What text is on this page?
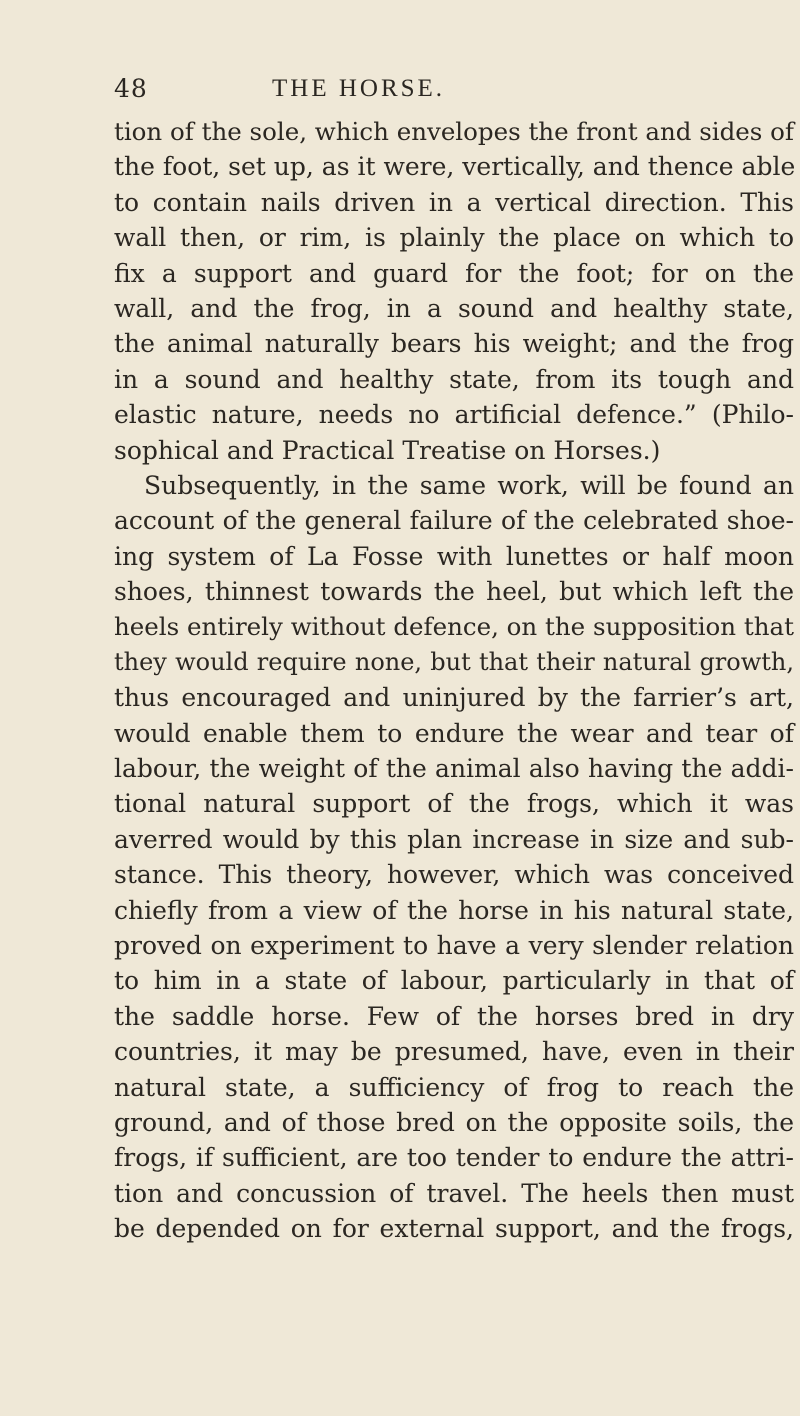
48	THE HORSE.
tion of the sole, which envelopes the front and sides of
the foot, set up, as it were, vertically, and thence able
to contain nails driven in a vertical direction. This
wall then, or rim, is plainly the place on which to
fix a support and guard for the foot; for on the
wall, and the frog, in a sound and healthy state,
the animal naturally bears his weight; and the frog
in a sound and healthy state, from its tough and
elastic nature, needs no artificial defence.” (Philo-
sophical and Practical Treatise on Horses.)
Subsequently, in the same work, will be found an
account of the general failure of the celebrated shoe-
ing system of La Fosse with lunettes or half moon
shoes, thinnest towards the heel, but which left the
heels entirely without defence, on the supposition that
they would require none, but that their natural growth,
thus encouraged and uninjured by the farrier’s art,
would enable them to endure the wear and tear of
labour, the weight of the animal also having the addi-
tional natural support of the frogs, which it was
averred would by this plan increase in size and sub-
stance. This theory, however, which was conceived
chiefly from a view of the horse in his natural state,
proved on experiment to have a very slender relation
to him in a state of labour, particularly in that of
the saddle horse. Few of the horses bred in dry
countries, it may be presumed, have, even in their
natural state, a sufficiency of frog to reach the
ground, and of those bred on the opposite soils, the
frogs, if sufficient, are too tender to endure the attri-
tion and concussion of travel. The heels then must
be depended on for external support, and the frogs,
